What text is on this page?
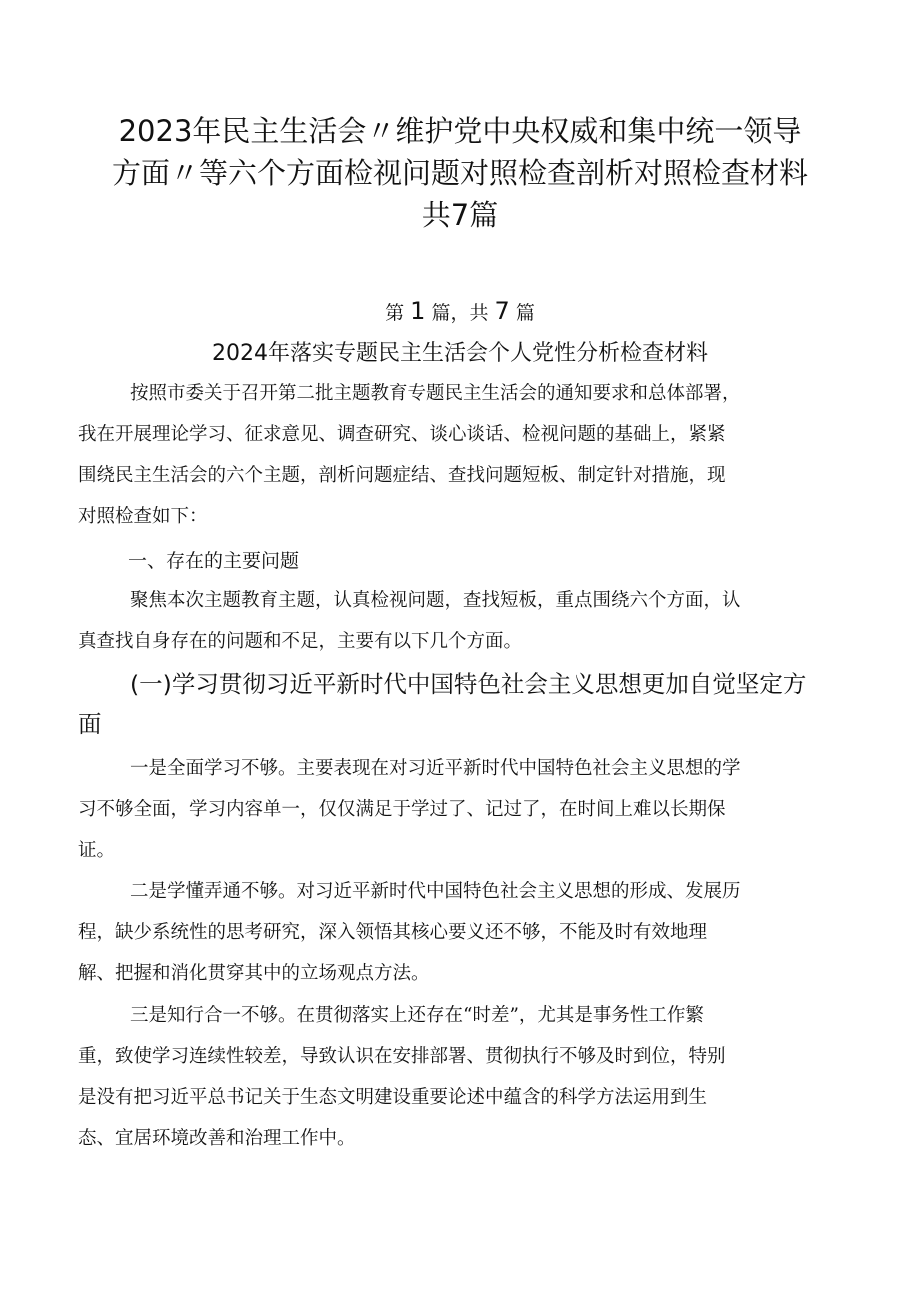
2023年民主生活会〃维护党中央权威和集中统一领导
方面〃等六个方面检视问题对照检查剖析对照检查材料
共7篇
第 1 篇，共 7 篇
2024年落实专题民主生活会个人党性分析检查材料

按照市委关于召开第二批主题教育专题民主生活会的通知要求和总体部署，
我在开展理论学习、征求意见、调查研究、谈心谈话、检视问题的基础上，紧紧
围绕民主生活会的六个主题，剖析问题症结、查找问题短板、制定针对措施，现
对照检查如下：

一、存在的主要问题

聚焦本次主题教育主题，认真检视问题，查找短板，重点围绕六个方面，认
真查找自身存在的问题和不足，主要有以下几个方面。

(一)学习贯彻习近平新时代中国特色社会主义思想更加自觉坚定方
面

一是全面学习不够。主要表现在对习近平新时代中国特色社会主义思想的学
习不够全面，学习内容单一，仅仅满足于学过了、记过了，在时间上难以长期保
证。

二是学懂弄通不够。对习近平新时代中国特色社会主义思想的形成、发展历
程，缺少系统性的思考研究，深入领悟其核心要义还不够，不能及时有效地理
解、把握和消化贯穿其中的立场观点方法。

三是知行合一不够。在贯彻落实上还存在“时差”，尤其是事务性工作繁
重，致使学习连续性较差，导致认识在安排部署、贯彻执行不够及时到位，特别
是没有把习近平总书记关于生态文明建设重要论述中蕴含的科学方法运用到生
态、宜居环境改善和治理工作中。
